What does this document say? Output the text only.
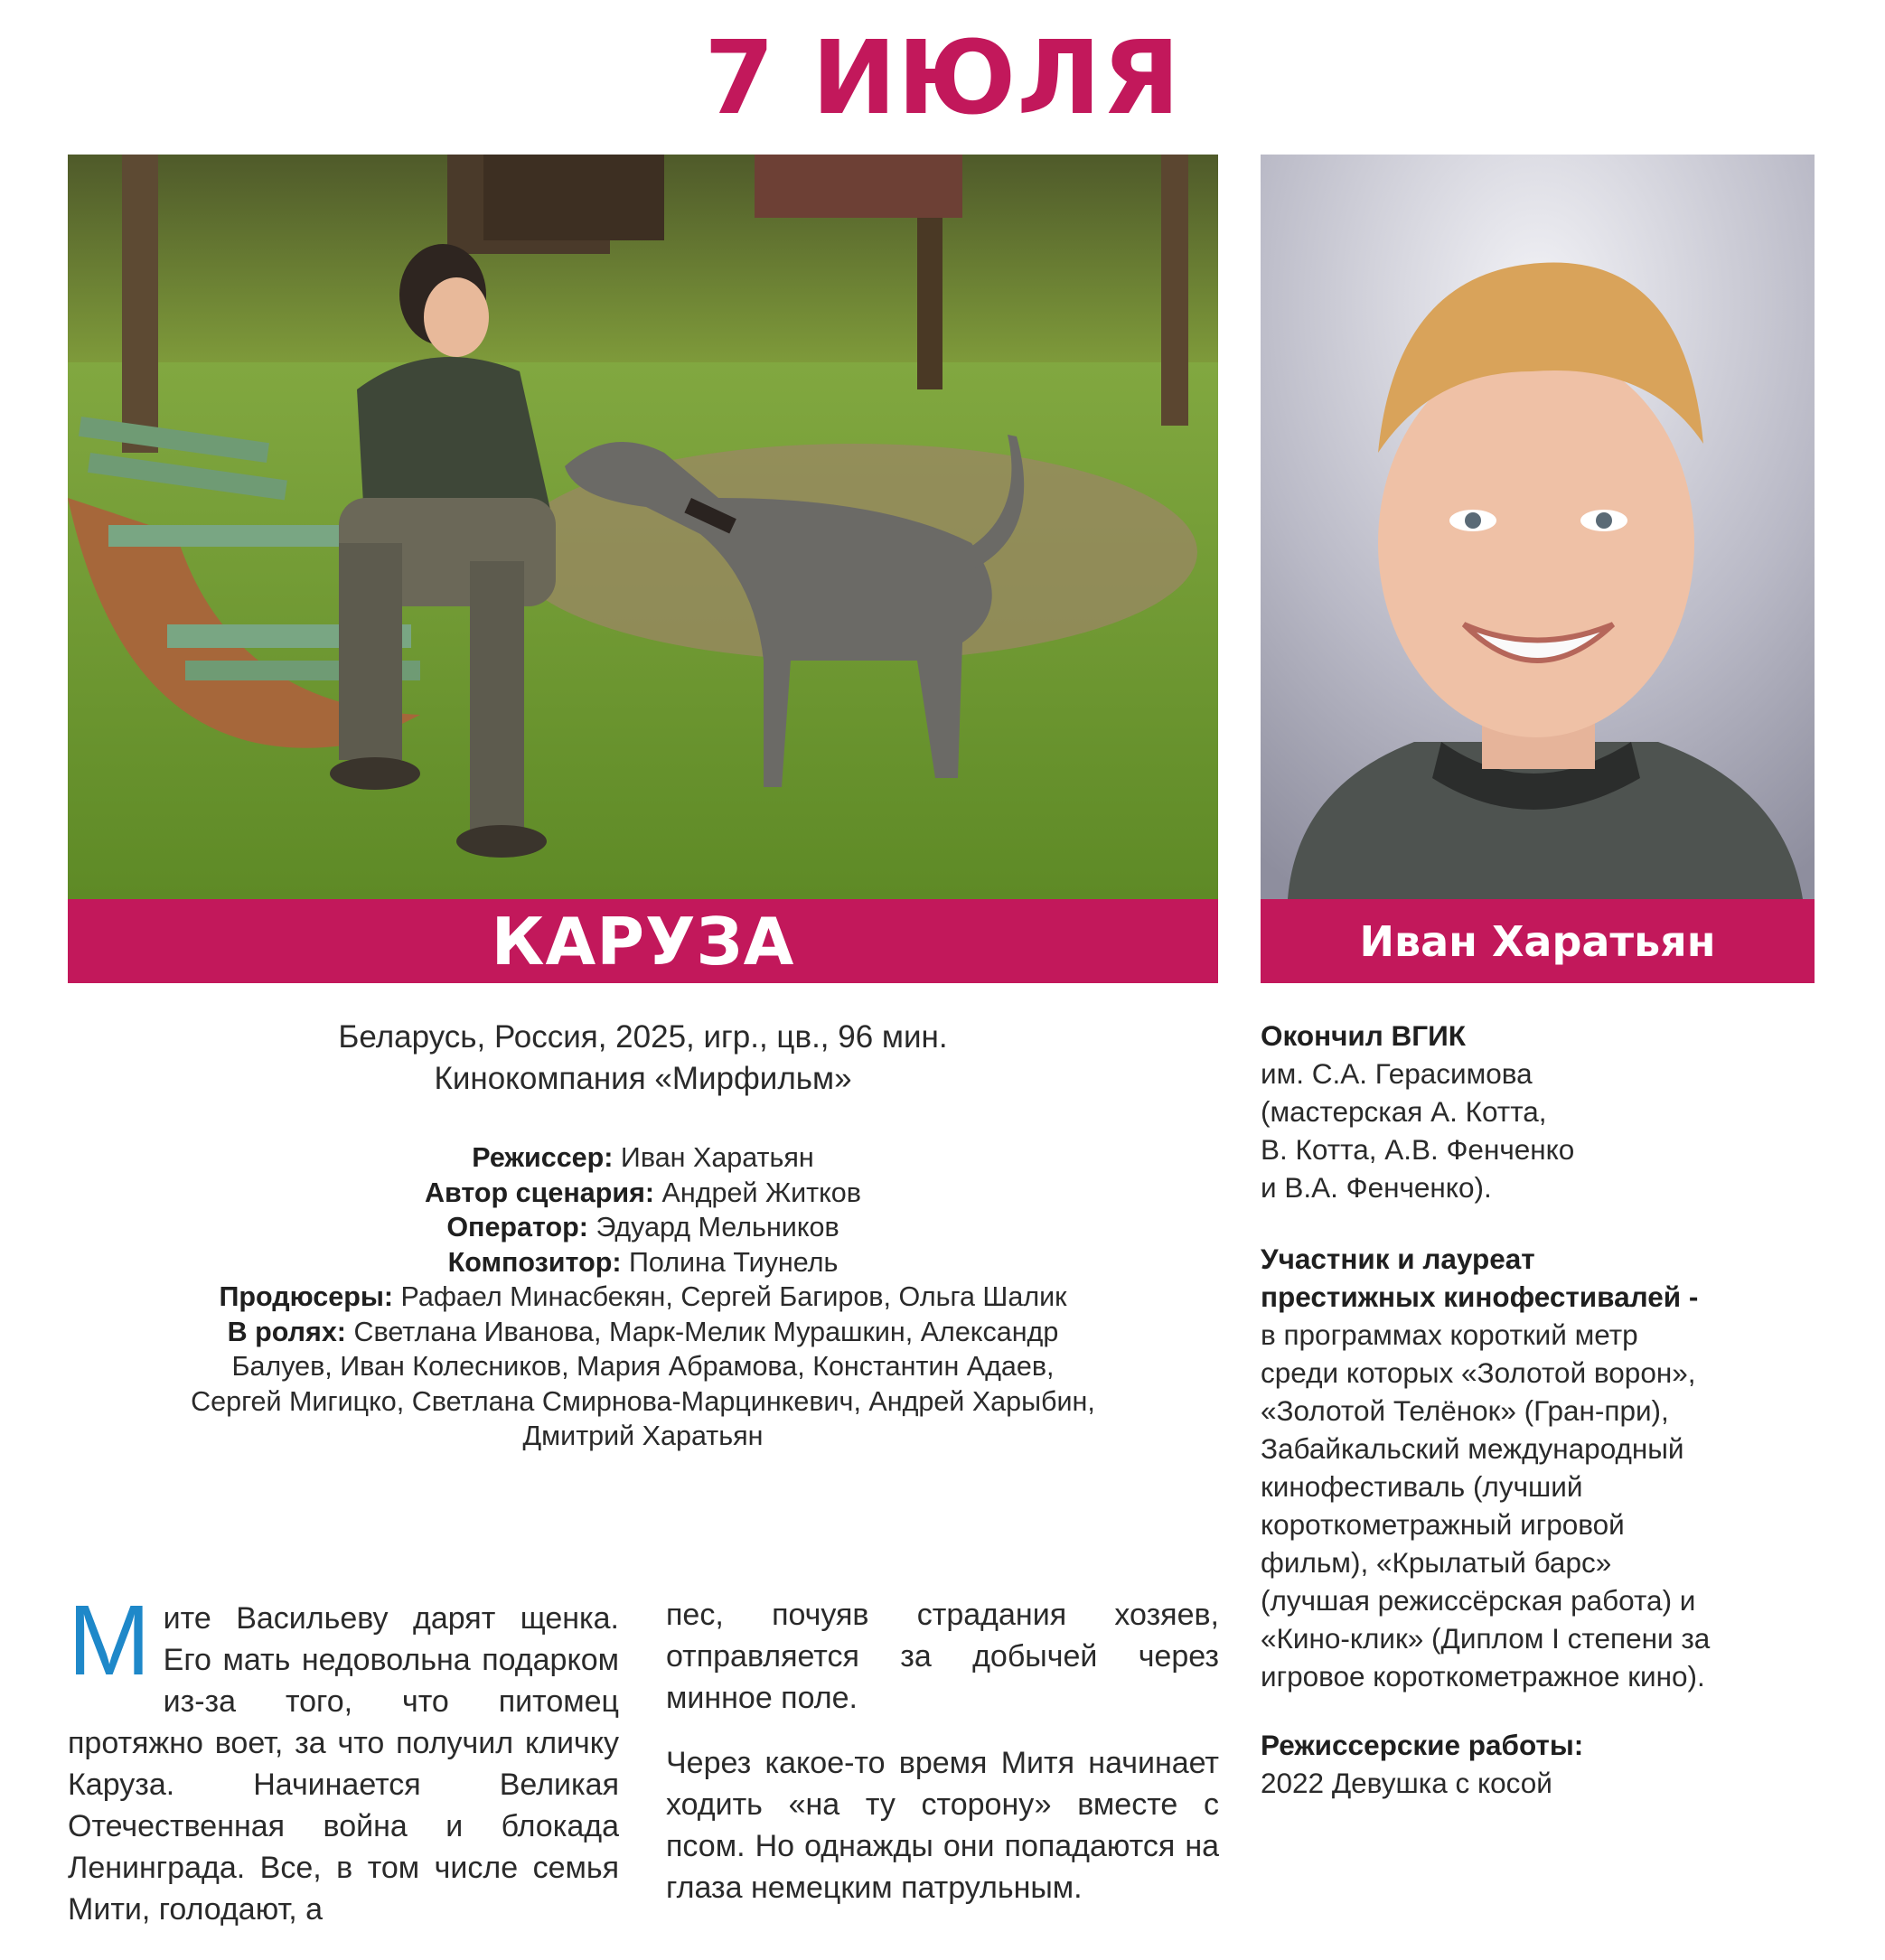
7 ИЮЛЯ
КАРУЗА	Иван Харатьян
Беларусь, Россия, 2025, игр., цв., 96 мин.
Кинокомпания «Мирфильм»
Режиссер: Иван Харатьян
Автор сценария: Андрей Житков
Оператор: Эдуард Мельников
Композитор: Полина Тиунель
Продюсеры: Рафаел Минасбекян, Сергей Багиров, Ольга Шалик
В ролях: Светлана Иванова, Марк-Мелик Мурашкин, Александр
Балуев, Иван Колесников, Мария Абрамова, Константин Адаев,
Сергей Мигицко, Светлана Смирнова-Марцинкевич, Андрей Харыбин,
Дмитрий Харатьян

Мите Васильеву дарят щенка. Его мать недовольна подарком из-за того, что питомец протяжно воет, за что получил кличку Каруза. Начинается Великая Отечественная война и блокада Ленинграда. Все, в том числе семья Мити, голодают, а

пес, почуяв страдания хозяев, отправляется за добычей через минное поле.

Через какое-то время Митя начинает ходить «на ту сторону» вместе с псом. Но однажды они попадаются на глаза немецким патрульным.

Окончил ВГИК
им. С.А. Герасимова
(мастерская А. Котта,
В. Котта, А.В. Фенченко
и В.А. Фенченко).
Участник и лауреат
престижных кинофестивалей -
в программах короткий метр
среди которых «Золотой ворон»,
«Золотой Телёнок» (Гран-при),
Забайкальский международный
кинофестиваль (лучший
короткометражный игровой
фильм), «Крылатый барс»
(лучшая режиссёрская работа) и
«Кино-клик» (Диплом I степени за
игровое короткометражное кино).
Режиссерские работы:
2022 Девушка с косой
